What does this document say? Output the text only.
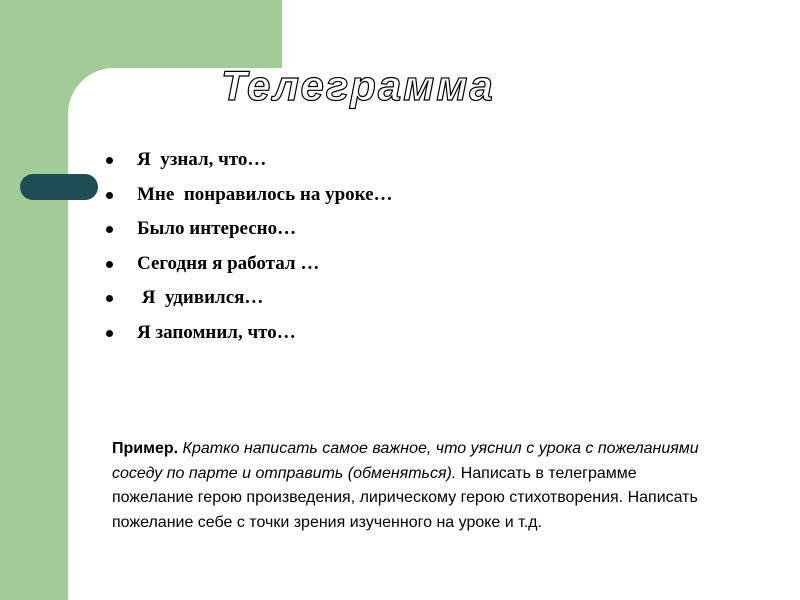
Телеграмма
Я  узнал, что…
Мне  понравилось на уроке…
Было интересно…
Сегодня я работал …
Я  удивился…
Я запомнил, что…
Пример. Кратко написать самое важное, что уяснил с урока с пожеланиями соседу по парте и отправить (обменяться). Написать в телеграмме пожелание герою произведения, лирическому герою стихотворения. Написать пожелание себе с точки зрения изученного на уроке и т.д.
